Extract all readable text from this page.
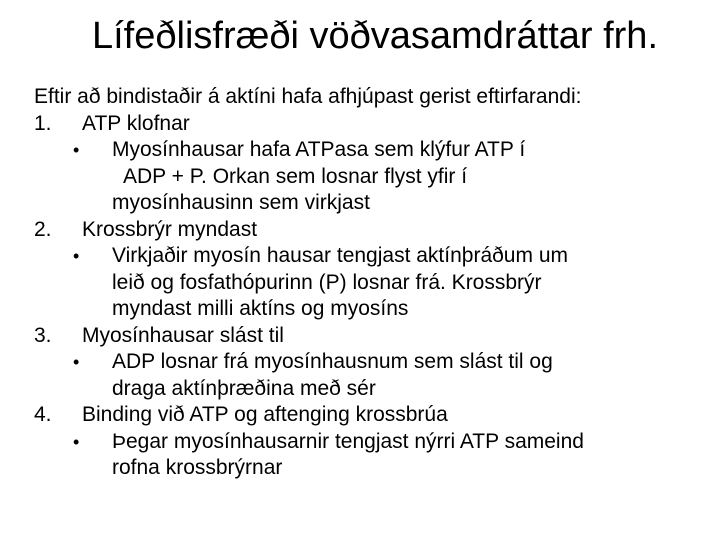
Lífeðlisfræði vöðvasamdráttar frh.
Eftir að bindistaðir á aktíni hafa afhjúpast gerist eftirfarandi:
1. ATP klofnar
• Myosínhausar hafa ATPasa sem klýfur ATP í
ADP + P. Orkan sem losnar flyst yfir í
myosínhausinn sem virkjast
2. Krossbrýr myndast
• Virkjaðir myosín hausar tengjast aktínþráðum um
leið og fosfathópurinn (P) losnar frá. Krossbrýr
myndast milli aktíns og myosíns
3. Myosínhausar slást til
• ADP losnar frá myosínhausnum sem slást til og
draga aktínþræðina með sér
4. Binding við ATP og aftenging krossbrúa
• Þegar myosínhausarnir tengjast nýrri ATP sameind
rofna krossbrýrnar
